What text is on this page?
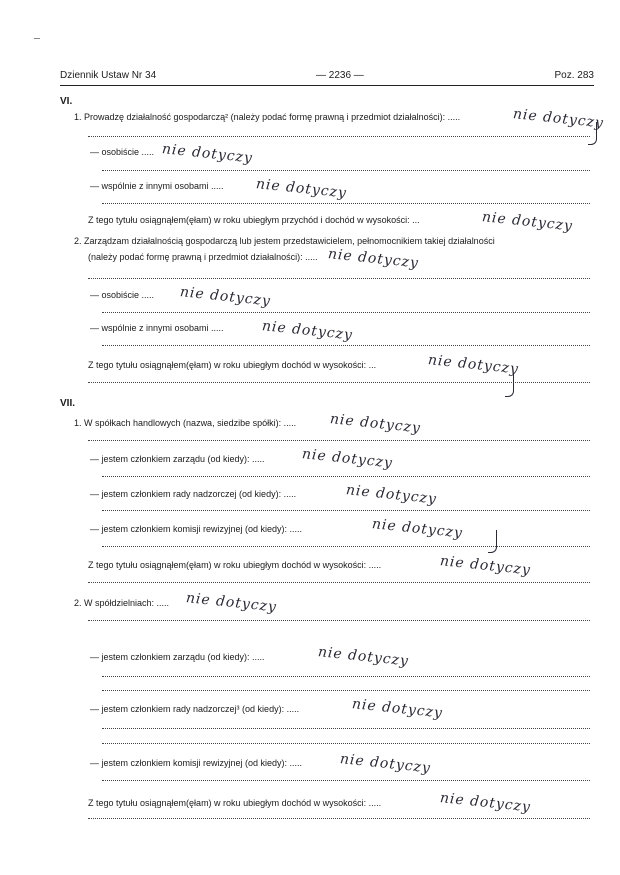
Dziennik Ustaw Nr 34	— 2236 —	Poz. 283
VI.
1. Prowadzę działalność gospodarczą² (należy podać formę prawną i przedmiot działalności): .....	nie dotyczy
— osobiście ..... nie dotyczy
— wspólnie z innymi osobami ..... nie dotyczy
Z tego tytułu osiągnąłem(ęłam) w roku ubiegłym przychód i dochód w wysokości: ...	nie dotyczy
2. Zarządzam działalnością gospodarczą lub jestem przedstawicielem, pełnomocnikiem takiej działalności
(należy podać formę prawną i przedmiot działalności): ..... nie dotyczy
— osobiście ..... nie dotyczy
— wspólnie z innymi osobami .....	nie dotyczy
Z tego tytułu osiągnąłem(ęłam) w roku ubiegłym dochód w wysokości: ...	nie dotyczy
VII.
1. W spółkach handlowych (nazwa, siedzibe spółki): ..... nie dotyczy
— jestem członkiem zarządu (od kiedy): .....	nie dotyczy
— jestem członkiem rady nadzorczej (od kiedy): .....	nie dotyczy
— jestem członkiem komisji rewizyjnej (od kiedy): .....	nie dotyczy
Z tego tytułu osiągnąłem(ęłam) w roku ubiegłym dochód w wysokości: .....	nie dotyczy
2. W spółdzielniach: ..... nie dotyczy
— jestem członkiem zarządu (od kiedy): .....	nie dotyczy
— jestem członkiem rady nadzorczej³ (od kiedy): .....	nie dotyczy
— jestem członkiem komisji rewizyjnej (od kiedy): .....	nie dotyczy
Z tego tytułu osiągnąłem(ęłam) w roku ubiegłym dochód w wysokości: .....	nie dotyczy
